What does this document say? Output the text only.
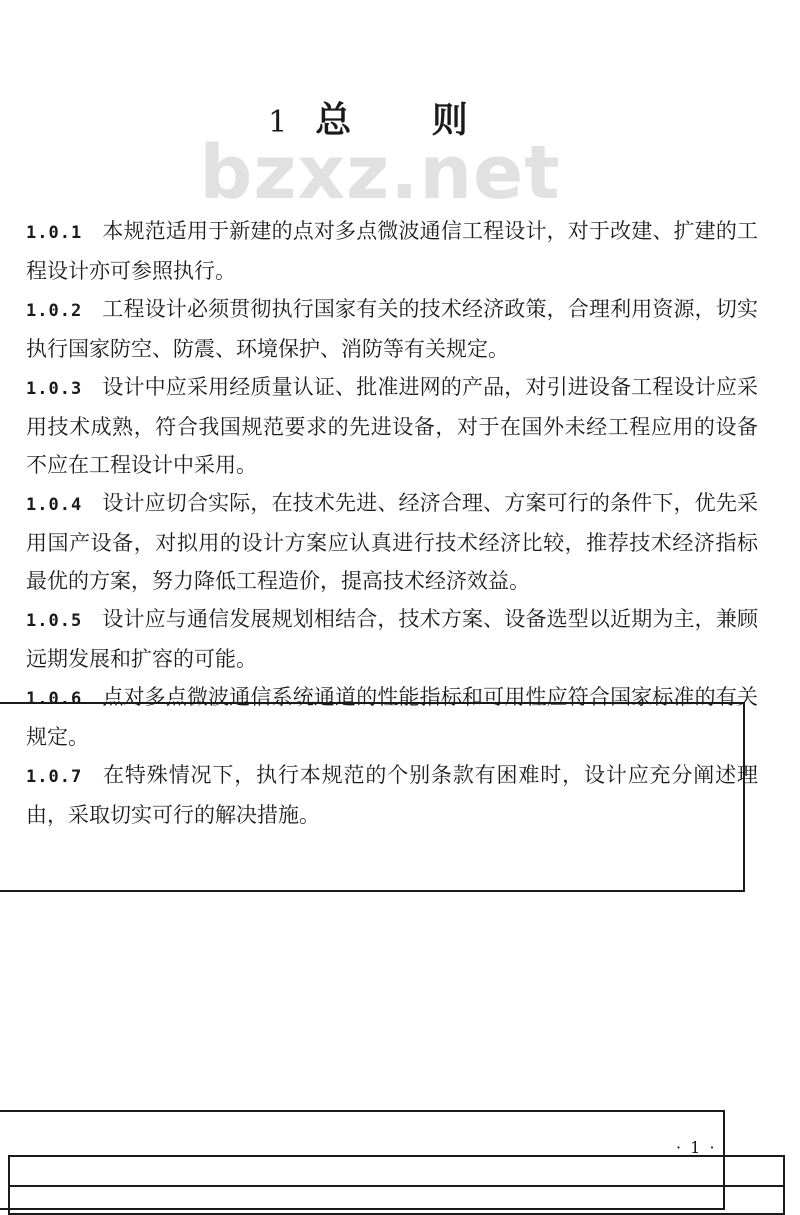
1 总 则
bzxz.net

1.0.1 本规范适用于新建的点对多点微波通信工程设计，对于改建、扩建的工程设计亦可参照执行。

1.0.2 工程设计必须贯彻执行国家有关的技术经济政策，合理利用资源，切实执行国家防空、防震、环境保护、消防等有关规定。

1.0.3 设计中应采用经质量认证、批准进网的产品，对引进设备工程设计应采用技术成熟，符合我国规范要求的先进设备，对于在国外未经工程应用的设备不应在工程设计中采用。

1.0.4 设计应切合实际，在技术先进、经济合理、方案可行的条件下，优先采用国产设备，对拟用的设计方案应认真进行技术经济比较，推荐技术经济指标最优的方案，努力降低工程造价，提高技术经济效益。

1.0.5 设计应与通信发展规划相结合，技术方案、设备选型以近期为主，兼顾远期发展和扩容的可能。

1.0.6 点对多点微波通信系统通道的性能指标和可用性应符合国家标准的有关规定。

1.0.7 在特殊情况下，执行本规范的个别条款有困难时，设计应充分阐述理由，采取切实可行的解决措施。

· 1 ·
